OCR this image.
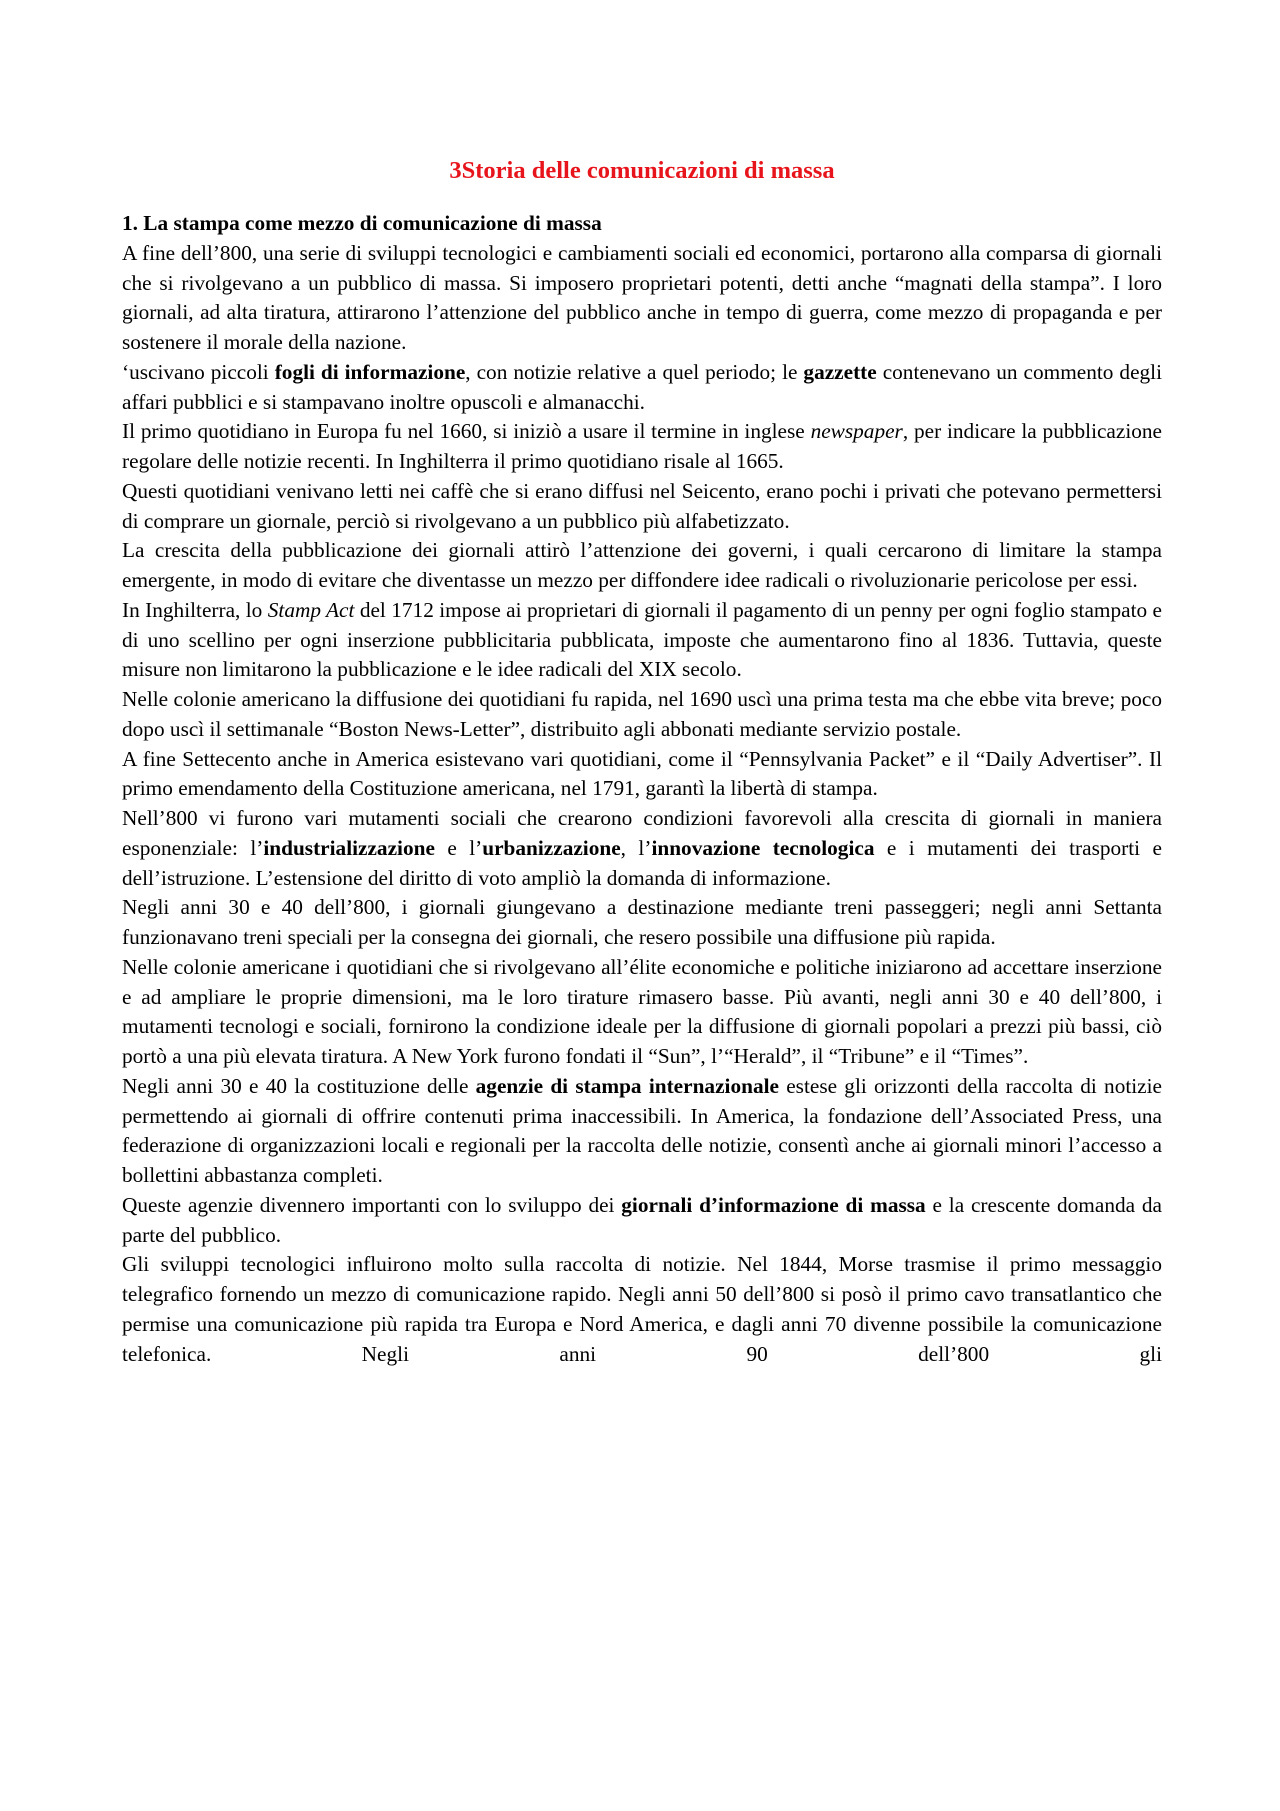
3Storia delle comunicazioni di massa

1. La stampa come mezzo di comunicazione di massa

A fine dell’800, una serie di sviluppi tecnologici e cambiamenti sociali ed economici, portarono alla comparsa di giornali che si rivolgevano a un pubblico di massa. Si imposero proprietari potenti, detti anche “magnati della stampa”. I loro giornali, ad alta tiratura, attirarono l’attenzione del pubblico anche in tempo di guerra, come mezzo di propaganda e per sostenere il morale della nazione.

‘uscivano piccoli fogli di informazione, con notizie relative a quel periodo; le gazzette contenevano un commento degli affari pubblici e si stampavano inoltre opuscoli e almanacchi.

Il primo quotidiano in Europa fu nel 1660, si iniziò a usare il termine in inglese newspaper, per indicare la pubblicazione regolare delle notizie recenti. In Inghilterra il primo quotidiano risale al 1665.

Questi quotidiani venivano letti nei caffè che si erano diffusi nel Seicento, erano pochi i privati che potevano permettersi di comprare un giornale, perciò si rivolgevano a un pubblico più alfabetizzato.

La crescita della pubblicazione dei giornali attirò l’attenzione dei governi, i quali cercarono di limitare la stampa emergente, in modo di evitare che diventasse un mezzo per diffondere idee radicali o rivoluzionarie pericolose per essi.

In Inghilterra, lo Stamp Act del 1712 impose ai proprietari di giornali il pagamento di un penny per ogni foglio stampato e di uno scellino per ogni inserzione pubblicitaria pubblicata, imposte che aumentarono fino al 1836. Tuttavia, queste misure non limitarono la pubblicazione e le idee radicali del XIX secolo.

Nelle colonie americano la diffusione dei quotidiani fu rapida, nel 1690 uscì una prima testa ma che ebbe vita breve; poco dopo uscì il settimanale “Boston News-Letter”, distribuito agli abbonati mediante servizio postale.

A fine Settecento anche in America esistevano vari quotidiani, come il “Pennsylvania Packet” e il “Daily Advertiser”. Il primo emendamento della Costituzione americana, nel 1791, garantì la libertà di stampa.

Nell’800 vi furono vari mutamenti sociali che crearono condizioni favorevoli alla crescita di giornali in maniera esponenziale: l’industrializzazione e l’urbanizzazione, l’innovazione tecnologica e i mutamenti dei trasporti e dell’istruzione. L’estensione del diritto di voto ampliò la domanda di informazione.

Negli anni 30 e 40 dell’800, i giornali giungevano a destinazione mediante treni passeggeri; negli anni Settanta funzionavano treni speciali per la consegna dei giornali, che resero possibile una diffusione più rapida.

Nelle colonie americane i quotidiani che si rivolgevano all’élite economiche e politiche iniziarono ad accettare inserzione e ad ampliare le proprie dimensioni, ma le loro tirature rimasero basse. Più avanti, negli anni 30 e 40 dell’800, i mutamenti tecnologi e sociali, fornirono la condizione ideale per la diffusione di giornali popolari a prezzi più bassi, ciò portò a una più elevata tiratura. A New York furono fondati il “Sun”, l’“Herald”, il “Tribune” e il “Times”.

Negli anni 30 e 40 la costituzione delle agenzie di stampa internazionale estese gli orizzonti della raccolta di notizie permettendo ai giornali di offrire contenuti prima inaccessibili. In America, la fondazione dell’Associated Press, una federazione di organizzazioni locali e regionali per la raccolta delle notizie, consentì anche ai giornali minori l’accesso a bollettini abbastanza completi.

Queste agenzie divennero importanti con lo sviluppo dei giornali d’informazione di massa e la crescente domanda da parte del pubblico.

Gli sviluppi tecnologici influirono molto sulla raccolta di notizie. Nel 1844, Morse trasmise il primo messaggio telegrafico fornendo un mezzo di comunicazione rapido. Negli anni 50 dell’800 si posò il primo cavo transatlantico che permise una comunicazione più rapida tra Europa e Nord America, e dagli anni 70 divenne possibile la comunicazione telefonica. Negli anni 90 dell’800 gli
